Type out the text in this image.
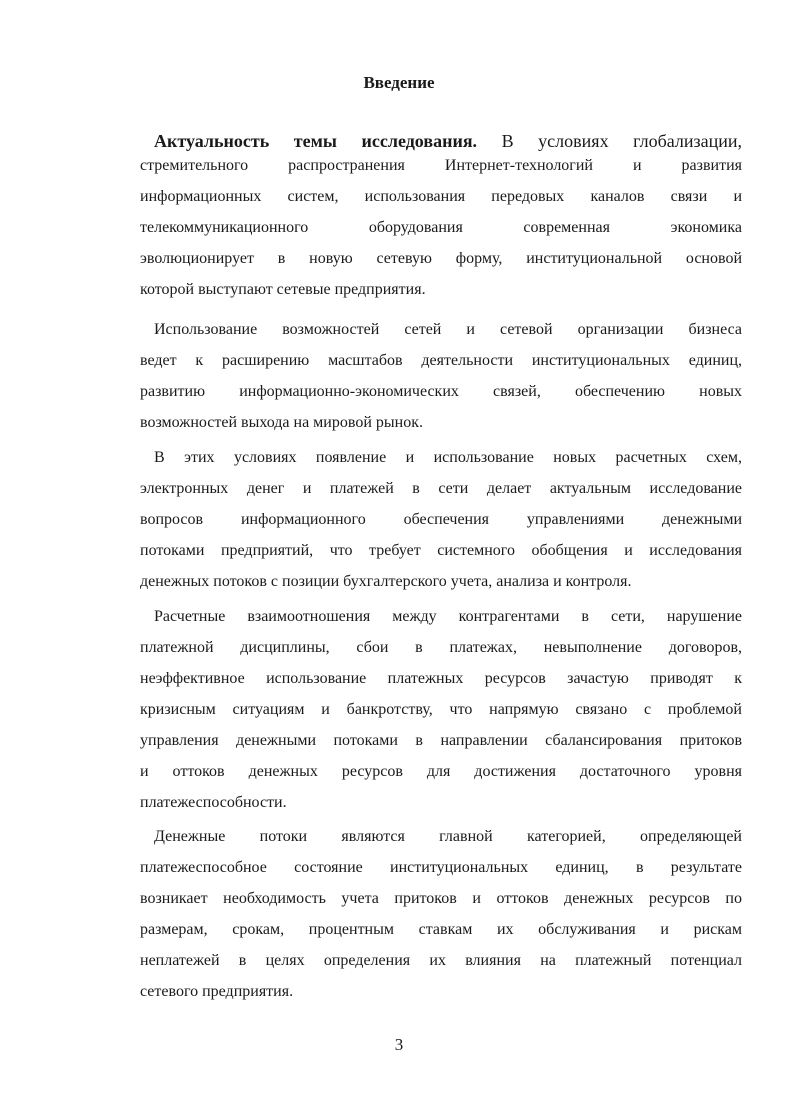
Введение
Актуальность темы исследования. В условиях глобализации,
стремительного распространения Интернет-технологий и развития
информационных систем, использования передовых каналов связи и
телекоммуникационного оборудования современная экономика
эволюционирует в новую сетевую форму, институциональной основой
которой выступают сетевые предприятия.
Использование возможностей сетей и сетевой организации бизнеса
ведет к расширению масштабов деятельности институциональных единиц,
развитию информационно-экономических связей, обеспечению новых
возможностей выхода на мировой рынок.
В этих условиях появление и использование новых расчетных схем,
электронных денег и платежей в сети делает актуальным исследование
вопросов информационного обеспечения управлениями денежными
потоками предприятий, что требует системного обобщения и исследования
денежных потоков с позиции бухгалтерского учета, анализа и контроля.
Расчетные взаимоотношения между контрагентами в сети, нарушение
платежной дисциплины, сбои в платежах, невыполнение договоров,
неэффективное использование платежных ресурсов зачастую приводят к
кризисным ситуациям и банкротству, что напрямую связано с проблемой
управления денежными потоками в направлении сбалансирования притоков
и оттоков денежных ресурсов для достижения достаточного уровня
платежеспособности.
Денежные потоки являются главной категорией, определяющей
платежеспособное состояние институциональных единиц, в результате
возникает необходимость учета притоков и оттоков денежных ресурсов по
размерам, срокам, процентным ставкам их обслуживания и рискам
неплатежей в целях определения их влияния на платежный потенциал
сетевого предприятия.
3
